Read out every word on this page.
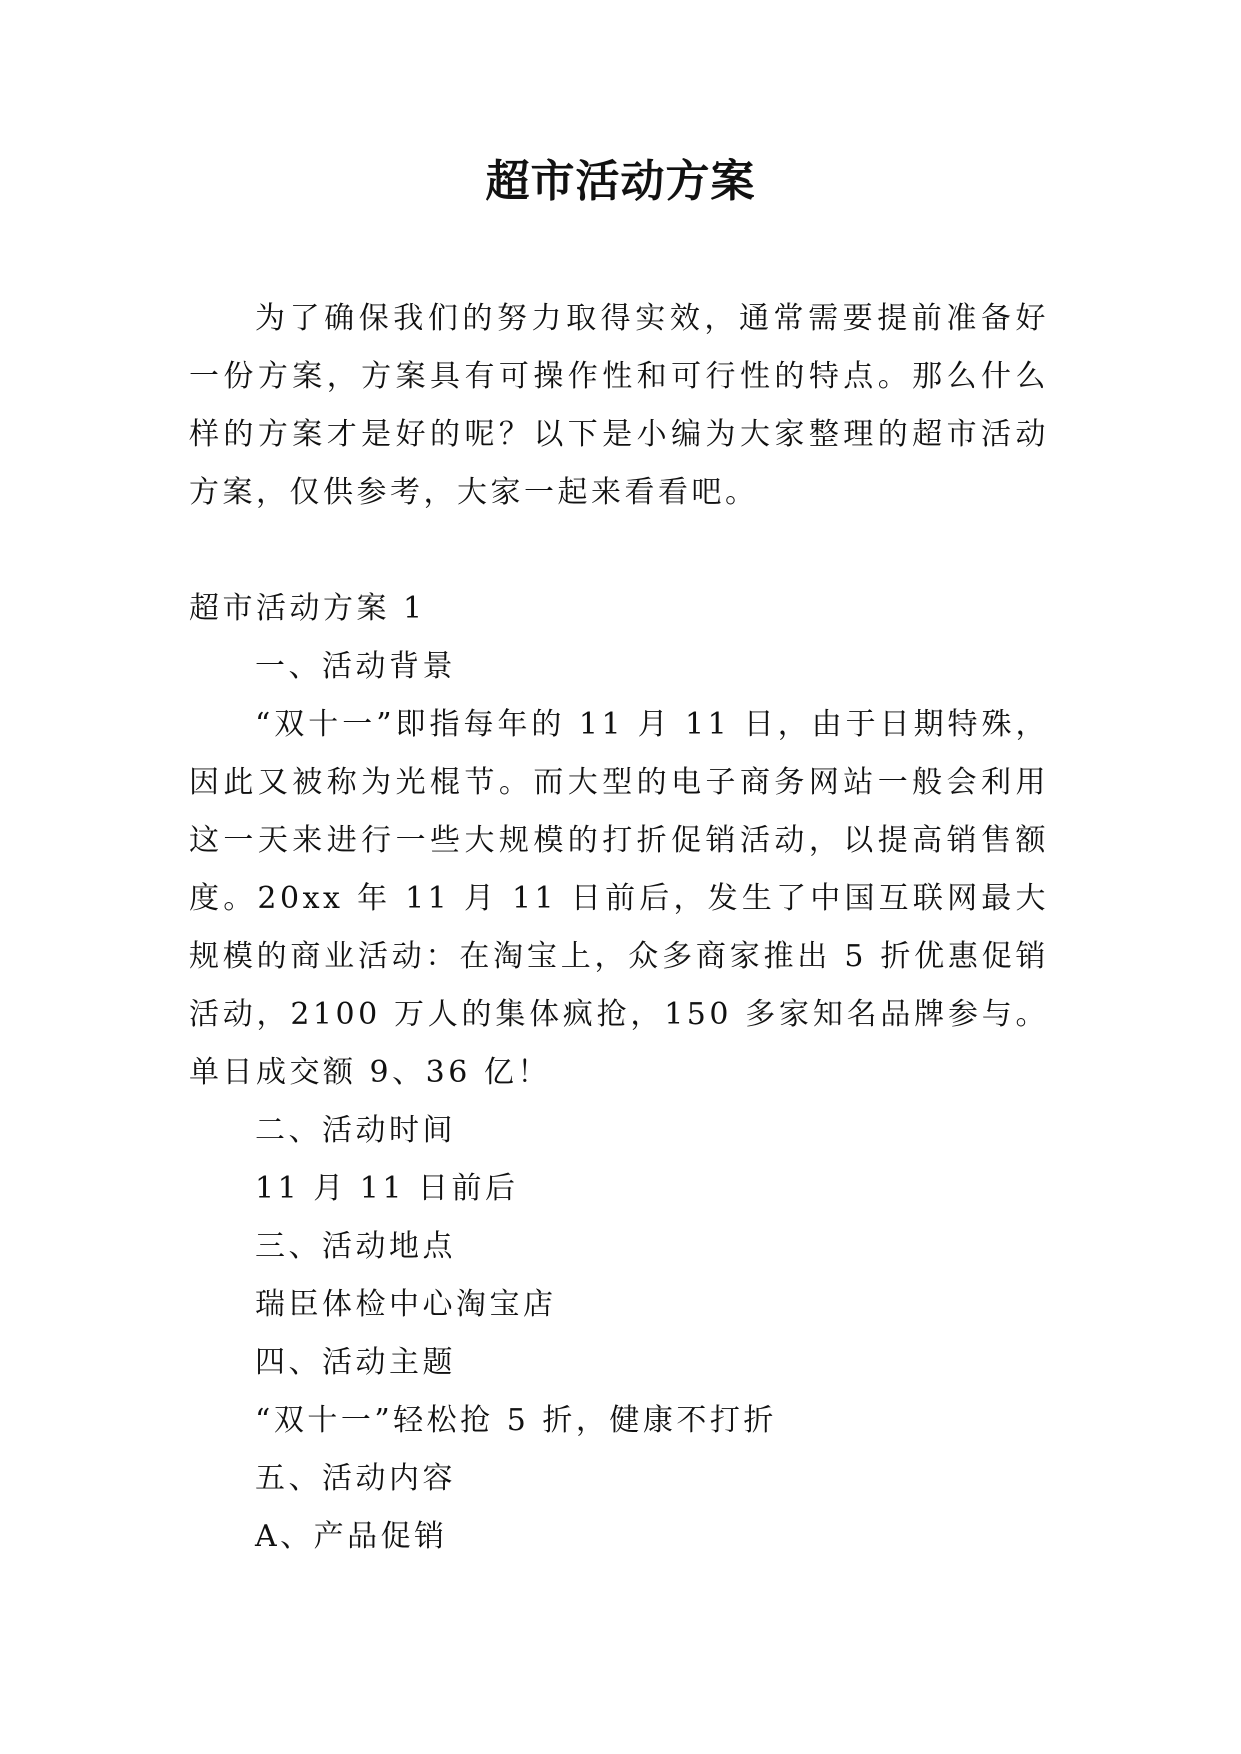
超市活动方案

为了确保我们的努力取得实效，通常需要提前准备好一份方案，方案具有可操作性和可行性的特点。那么什么样的方案才是好的呢？以下是小编为大家整理的超市活动方案，仅供参考，大家一起来看看吧。

超市活动方案 1

一、活动背景

“双十一”即指每年的 11 月 11 日，由于日期特殊，因此又被称为光棍节。而大型的电子商务网站一般会利用这一天来进行一些大规模的打折促销活动，以提高销售额度。20xx 年 11 月 11 日前后，发生了中国互联网最大规模的商业活动：在淘宝上，众多商家推出 5 折优惠促销活动，2100 万人的集体疯抢，150 多家知名品牌参与。单日成交额 9、36 亿！

二、活动时间

11 月 11 日前后

三、活动地点

瑞臣体检中心淘宝店

四、活动主题

“双十一”轻松抢 5 折，健康不打折

五、活动内容

A、产品促销
